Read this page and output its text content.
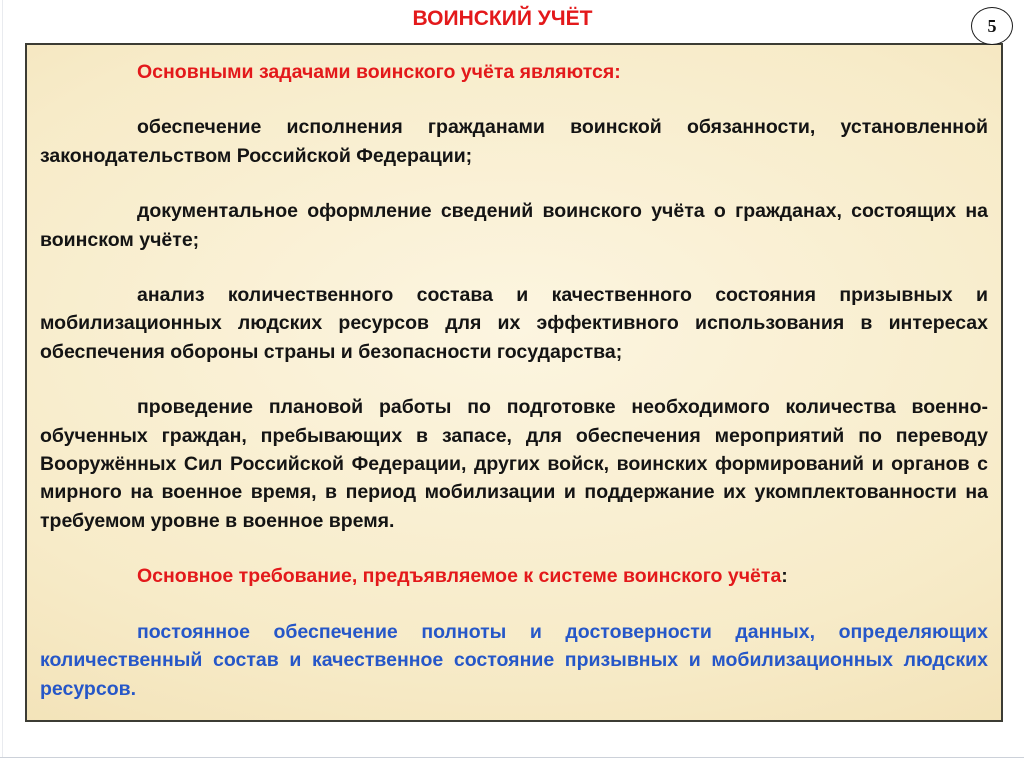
ВОИНСКИЙ УЧЁТ	5

Основными задачами воинского учёта являются:

обеспечение исполнения гражданами воинской обязанности, установленной законодательством Российской Федерации;

документальное оформление сведений воинского учёта о гражданах, состоящих на воинском учёте;

анализ количественного состава и качественного состояния призывных и мобилизационных людских ресурсов для их эффективного использования в интересах обеспечения обороны страны и безопасности государства;

проведение плановой работы по подготовке необходимого количества военно-обученных граждан, пребывающих в запасе, для обеспечения мероприятий по переводу Вооружённых Сил Российской Федерации, других войск, воинских формирований и органов с мирного на военное время, в период мобилизации и поддержание их укомплектованности на требуемом уровне в военное время.

Основное требование, предъявляемое к системе воинского учёта:

постоянное обеспечение полноты и достоверности данных, определяющих количественный состав и качественное состояние призывных и мобилизационных людских ресурсов.
